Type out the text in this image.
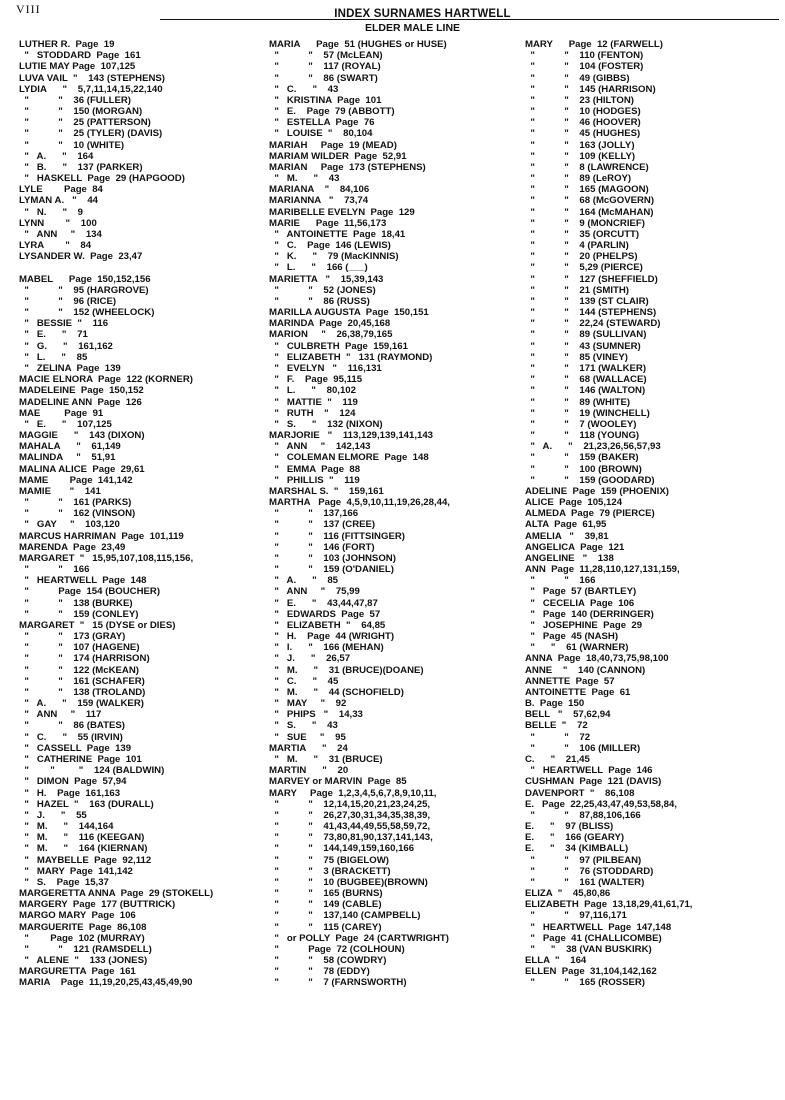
VIII	INDEX SURNAMES HARTWELL
ELDER MALE LINE
LUTHER R.  Page  19
"   STODDARD  Page  161
LUTIE MAY Page  107,125
LUVA VAIL  "    143 (STEPHENS)
LYDIA      "    5,7,11,14,15,22,140
"           "    36 (FULLER)
"           "    150 (MORGAN)
"           "    25 (PATTERSON)
"           "    25 (TYLER) (DAVIS)
"           "    10 (WHITE)
"   A.      "    164
"   B.      "    137 (PARKER)
"   HASKELL  Page  29 (HAPGOOD)
LYLE        Page  84
LYMAN A.   "    44
"   N.      "    9
LYNN        "    100
"   ANN     "    134
LYRA        "    84
LYSANDER W.  Page  23,47
MABEL      Page  150,152,156
"           "    95 (HARGROVE)
"           "    96 (RICE)
"           "    152 (WHEELOCK)
"   BESSIE  "    116
"   E.      "    71
"   G.      "    161,162
"   L.      "    85
"   ZELINA  Page  139
MACIE ELNORA  Page  122 (KORNER)
MADELEINE  Page  150,152
MADELINE ANN  Page  126
MAE         Page  91
"   E.      "    107,125
MAGGIE      "    143 (DIXON)
MAHALA      "    61,149
MALINDA     "    51,91
MALINA ALICE  Page  29,61
MAME        Page  141,142
MAMIE       "    141
"           "    161 (PARKS)
"           "    162 (VINSON)
"   GAY     "    103,120
MARCUS HARRIMAN  Page  101,119
MARENDA  Page  23,49
MARGARET  "   15,95,107,108,115,156,
"           "    166
"   HEARTWELL  Page  148
"           Page  154 (BOUCHER)
"           "    138 (BURKE)
"           "    159 (CONLEY)
MARGARET  "   15 (DYSE or DIES)
"           "    173 (GRAY)
"           "    107 (HAGENE)
"           "    174 (HARRISON)
"           "    122 (McKEAN)
"           "    161 (SCHAFER)
"           "    138 (TROLAND)
"   A.      "    159 (WALKER)
"   ANN     "    117
"           "    86 (BATES)
"   C.      "    55 (IRVIN)
"   CASSELL  Page  139
"   CATHERINE  Page  101
"        "         "    124 (BALDWIN)
"   DIMON  Page  57,94
"   H.    Page  161,163
"   HAZEL  "    163 (DURALL)
"   J.      "    55
"   M.      "    144,164
"   M.      "    116 (KEEGAN)
"   M.      "    164 (KIERNAN)
"   MAYBELLE  Page  92,112
"   MARY  Page  141,142
"   S.    Page  15,37
MARGERETTA ANNA  Page  29 (STOKELL)
MARGERY  Page  177 (BUTTRICK)
MARGO MARY  Page  106
MARGUERITE  Page  86,108
"        Page  102 (MURRAY)
"           "    121 (RAMSDELL)
"   ALENE  "    133 (JONES)
MARGURETTA  Page  161
MARIA    Page  11,19,20,25,43,45,49,90
MARIA      Page  51 (HUGHES or HUSE)
"           "    57 (McLEAN)
"           "    117 (ROYAL)
"           "    86 (SWART)
"   C.      "    43
"   KRISTINA  Page  101
"   E.    Page  79 (ABBOTT)
"   ESTELLA  Page  76
"   LOUISE  "    80,104
MARIAH     Page  19 (MEAD)
MARIAM WILDER  Page  52,91
MARIAN     Page  173 (STEPHENS)
"   M.      "    43
MARIANA    "    84,106
MARIANNA   "    73,74
MARIBELLE EVELYN  Page  129
MARIE      Page  11,56,173
"   ANTOINETTE  Page  18,41
"   C.    Page  146 (LEWIS)
"   K.      "    79 (MacKINNIS)
"   L.      "    166 (___)
MARIETTA   "    15,39,143
"           "    52 (JONES)
"           "    86 (RUSS)
MARILLA AUGUSTA  Page  150,151
MARINDA  Page  20,45,168
MARION     "    26,38,79,165
"   CULBRETH  Page  159,161
"   ELIZABETH  "   131 (RAYMOND)
"   EVELYN   "    116,131
"   F.    Page  95,115
"   L.      "    80,102
"   MATTIE  "    119
"   RUTH    "    124
"   S.      "    132 (NIXON)
MARJORIE   "    113,129,139,141,143
"   ANN     "    142,143
"   COLEMAN ELMORE  Page  148
"   EMMA  Page  88
"   PHILLIS  "    119
MARSHAL S.  "    159,161
MARTHA   Page  4,5,9,10,11,19,26,28,44,
"           "    137,166
"           "    137 (CREE)
"           "    116 (FITTSINGER)
"           "    146 (FORT)
"           "    103 (JOHNSON)
"           "    159 (O'DANIEL)
"   A.      "    85
"   ANN     "    75,99
"   E.      "    43,44,47,87
"   EDWARDS  Page  57
"   ELIZABETH  "    64,85
"   H.    Page  44 (WRIGHT)
"   I.      "    166 (MEHAN)
"   J.      "    26,57
"   M.      "    31 (BRUCE)(DOANE)
"   C.      "    45
"   M.      "    44 (SCHOFIELD)
"   MAY     "    92
"   PHIPS   "    14,33
"   S.      "    43
"   SUE     "    95
MARTIA      "    24
"   M.      "    31 (BRUCE)
MARTIN      "    20
MARVEY or MARVIN  Page  85
MARY     Page  1,2,3,4,5,6,7,8,9,10,11,
"           "    12,14,15,20,21,23,24,25,
"           "    26,27,30,31,34,35,38,39,
"           "    41,43,44,49,55,58,59,72,
"           "    73,80,81,90,137,141,143,
"           "    144,149,159,160,166
"           "    75 (BIGELOW)
"           "    3 (BRACKETT)
"           "    10 (BUGBEE)(BROWN)
"           "    165 (BURNS)
"           "    149 (CABLE)
"           "    137,140 (CAMPBELL)
"           "    115 (CAREY)
"   or POLLY  Page  24 (CARTWRIGHT)
"           Page  72 (COLHOUN)
"           "    58 (COWDRY)
"           "    78 (EDDY)
"           "    7 (FARNSWORTH)
MARY      Page  12 (FARWELL)
"           "    110 (FENTON)
"           "    104 (FOSTER)
"           "    49 (GIBBS)
"           "    145 (HARRISON)
"           "    23 (HILTON)
"           "    10 (HODGES)
"           "    46 (HOOVER)
"           "    45 (HUGHES)
"           "    163 (JOLLY)
"           "    109 (KELLY)
"           "    8 (LAWRENCE)
"           "    89 (LeROY)
"           "    165 (MAGOON)
"           "    68 (McGOVERN)
"           "    164 (McMAHAN)
"           "    9 (MONCRIEF)
"           "    35 (ORCUTT)
"           "    4 (PARLIN)
"           "    20 (PHELPS)
"           "    5,29 (PIERCE)
"           "    127 (SHEFFIELD)
"           "    21 (SMITH)
"           "    139 (ST CLAIR)
"           "    144 (STEPHENS)
"           "    22,24 (STEWARD)
"           "    89 (SULLIVAN)
"           "    43 (SUMNER)
"           "    85 (VINEY)
"           "    171 (WALKER)
"           "    68 (WALLACE)
"           "    146 (WALTON)
"           "    89 (WHITE)
"           "    19 (WINCHELL)
"           "    7 (WOOLEY)
"           "    118 (YOUNG)
"   A.      "    21,23,26,56,57,93
"           "    159 (BAKER)
"           "    100 (BROWN)
"           "    159 (GOODARD)
ADELINE  Page  159 (PHOENIX)
ALICE  Page  105,124
ALMEDA  Page  79 (PIERCE)
ALTA  Page  61,95
AMELIA   "    39,81
ANGELICA  Page  121
ANGELINE   "    138
ANN  Page  11,28,110,127,131,159,
"           "    166
"   Page  57 (BARTLEY)
"   CECELIA  Page  106
"   Page  140 (DERRINGER)
"   JOSEPHINE  Page  29
"   Page  45 (NASH)
"      "    61 (WARNER)
ANNA  Page  18,40,73,75,98,100
ANNE    "    140 (CANNON)
ANNETTE  Page  57
ANTOINETTE  Page  61
B.  Page  150
BELL   "    57,62,94
BELLE  "    72
"           "    72
"           "    106 (MILLER)
C.      "    21,45
"   HEARTWELL  Page  146
CUSHMAN  Page  121 (DAVIS)
DAVENPORT  "    86,108
E.   Page  22,25,43,47,49,53,58,84,
"           "    87,88,106,166
E.      "    97 (BLISS)
E.      "    166 (GEARY)
E.      "    34 (KIMBALL)
"           "    97 (PILBEAN)
"           "    76 (STODDARD)
"           "    161 (WALTER)
ELIZA  "    45,80,86
ELIZABETH  Page  13,18,29,41,61,71,
"           "    97,116,171
"   HEARTWELL  Page  147,148
"   Page  41 (CHALLICOMBE)
"      "    38 (VAN BUSKIRK)
ELLA  "    164
ELLEN  Page  31,104,142,162
"           "    165 (ROSSER)
